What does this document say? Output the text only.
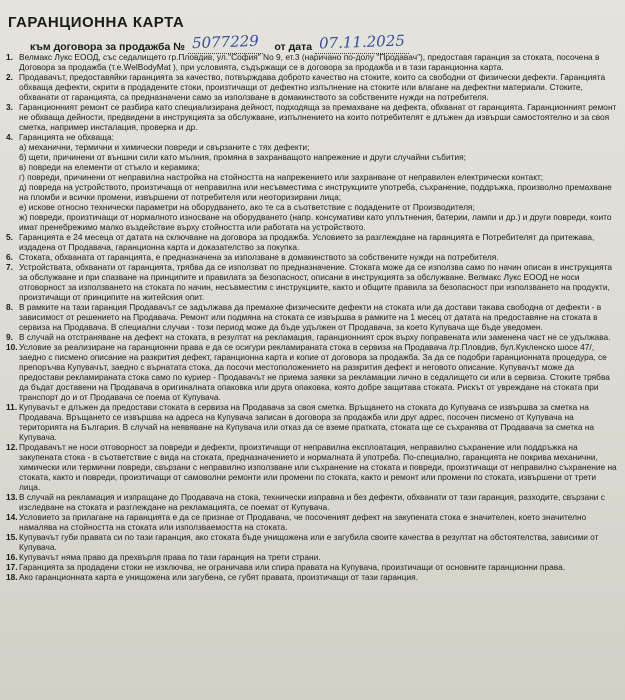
ГАРАНЦИОННА КАРТА
към договора за продажба № 5077229 от дата 07.11.2025
1. Велмакс Лукс ЕООД, със седалището гр.Пловдив, ул."София" No 9, ет.3 (наричано по-долу "Продавач"), предоставя гаранция за стоката, посочена в Договора за продажба (т.е.WelBodyMat ), при условията, съдържащи се в договора за продажба и в тази гаранционна карта.
2. Продавачът, предоставяйки гаранцията за качество, потвърждава доброто качество на стоките, които са свободни от физически дефекти. Гаранцията обхваща дефекти, скрити в продадените стоки, произтичащи от дефектно изпълнение на стоките или влагане на дефектни материали. Стоките, обхванати от гаранцията, са предназначени само за използване в домакинството за собствените нужди на потребителя.
3. Гаранционният ремонт се разбира като специализирана дейност, подходяща за премахване на дефекта, обхванат от гаранцията. Гаранционният ремонт не обхваща дейности, предвидени в инструкцията за обслужване, изпълнението на които потребителят е длъжен да извърши самостоятелно и за своя сметка, например инсталация, проверка и др.
4. Гаранцията не обхваща:
а) механични, термични и химически повреди и свързаните с тях дефекти;
б) щети, причинени от външни сили като мълния, промяна в захранващото напрежение и други случайни събития;
в) повреди на елементи от стъкло и керамика;
г) повреди, причинени от неправилна настройка на стойността на напрежението или захранване от неправилен електрически контакт;
д) повреда на устройството, произтичаща от неправилна или несъвместима с инструкциите употреба, съхранение, поддръжка, произволно премахване на пломби и всички промени, извършени от потребителя или неоторизирани лица;
е) искове относно технически параметри на оборудването, ако те са в съответствие с подадените от Производителя;
ж) повреди, произтичащи от нормалното износване на оборудването (напр. консумативи като уплътнения, батерии, лампи и др.) и други повреди, които имат пренебрежимо малко въздействие върху стойността или работата на устройството.
5. Гаранцията е 24 месеца от датата на сключване на договора за продажба. Условието за разглеждане на гаранцията е Потребителят да притежава, издадена от Продавача, гаранционна карта и доказателство за покупка.
6. Стоката, обхваната от гаранцията, е предназначена за използване в домакинството за собствените нужди на потребителя.
7. Устройствата, обхванати от гаранцията, трябва да се използват по предназначение. Стоката може да се използва само по начин описан в инструкцията за обслужване и при спазване на принципите и правилата за безопасност, описани в инструкцията за обслужване. Велмакс Лукс ЕООД не носи отговорност за използването на стоката по начин, несъвместим с инструкциите, както и общите правила за безопасност при използването на продукти, произтичащи от принципите на житейския опит.
8. В рамките на тази гаранция Продавачът се задължава да премахне физическите дефекти на стоката или да достави такава свободна от дефекти - в зависимост от решението на Продавача. Ремонт или подмяна на стоката се извършва в рамките на 1 месец от датата на предоставяне на стоката в сервиза на Продавача. В специални случаи - този период може да бъде удължен от Продавача, за което Купувача ще бъде уведомен.
9. В случай на отстраняване на дефект на стоката, в резултат на рекламация, гаранционният срок върху поправената или заменена част не се удължава.
10. Условие за реализиране на гаранционни права е да се осигури рекламираната стока в сервиза на Продавача /гр.Пловдив, бул.Кукленско шосе 47/, заедно с писмено описание на разкрития дефект, гаранционна карта и копие от договора за продажба. За да се подобри гаранционната процедура, се препоръчва Купувачът, заедно с върнатата стока, да посочи местоположението на разкрития дефект и неговото описание. Купувачът може да предостави рекламираната стока само по куриер - Продавачът не приема заявки за рекламации лично в седалището си или в сервиза. Стоките трябва да бъдат доставени на Продавача в оригиналната опаковка или друга опаковка, която добре защитава стоката. Рискът от увреждане на стоката при транспорт до и от Продавача се поема от Купувача.
11. Купувачът е длъжен да предостави стоката в сервиза на Продавача за своя сметка. Връщането на стоката до Купувача се извършва за сметка на Продавача. Връщането се извършва на адреса на Купувача записан в договора за продажба или друг адрес, посочен писмено от Купувача на територията на България. В случай на неявяване на Купувача или отказ да се вземе пратката, стоката ще се съхранява от Продавача за сметка на Купувача.
12. Продавачът не носи отговорност за повреди и дефекти, произтичащи от неправилна експлоатация, неправилно съхранение или поддръжка на закупената стока - в съответствие с вида на стоката, предназначението и нормалната й употреба. По-специално, гаранцията не покрива механични, химически или термични повреди, свързани с неправилно използване или съхранение на стоката и повреди, произтичащи от неправилно съхранение на стоката, както и повреди, произтичащи от самоволни ремонти или промени по стоката, както и ремонт или промени по стоката, извършени от трети лица.
13. В случай на рекламация и изпращане до Продавача на стока, технически изправна и без дефекти, обхванати от тази гаранция, разходите, свързани с изследване на стоката и разглеждане на рекламацията, се поемат от Купувача.
14. Условието за прилагане на гаранцията е да се признае от Продавача, че посоченият дефект на закупената стока е значителен, което значително намалява на стойността на стоката или използваемостта на стоката.
15. Купувачът губи правата си по тази гаранция, ако стоката бъде унищожена или е загубила своите качества в резултат на обстоятелства, зависими от Купувача.
16. Купувачът няма право да прехвърля права по тази гаранция на трети страни.
17. Гаранцията за продадени стоки не изключва, не ограничава или спира правата на Купувача, произтичащи от основните гаранционни права.
18. Ако гаранционната карта е унищожена или загубена, се губят правата, произтичащи от тази гаранция.
